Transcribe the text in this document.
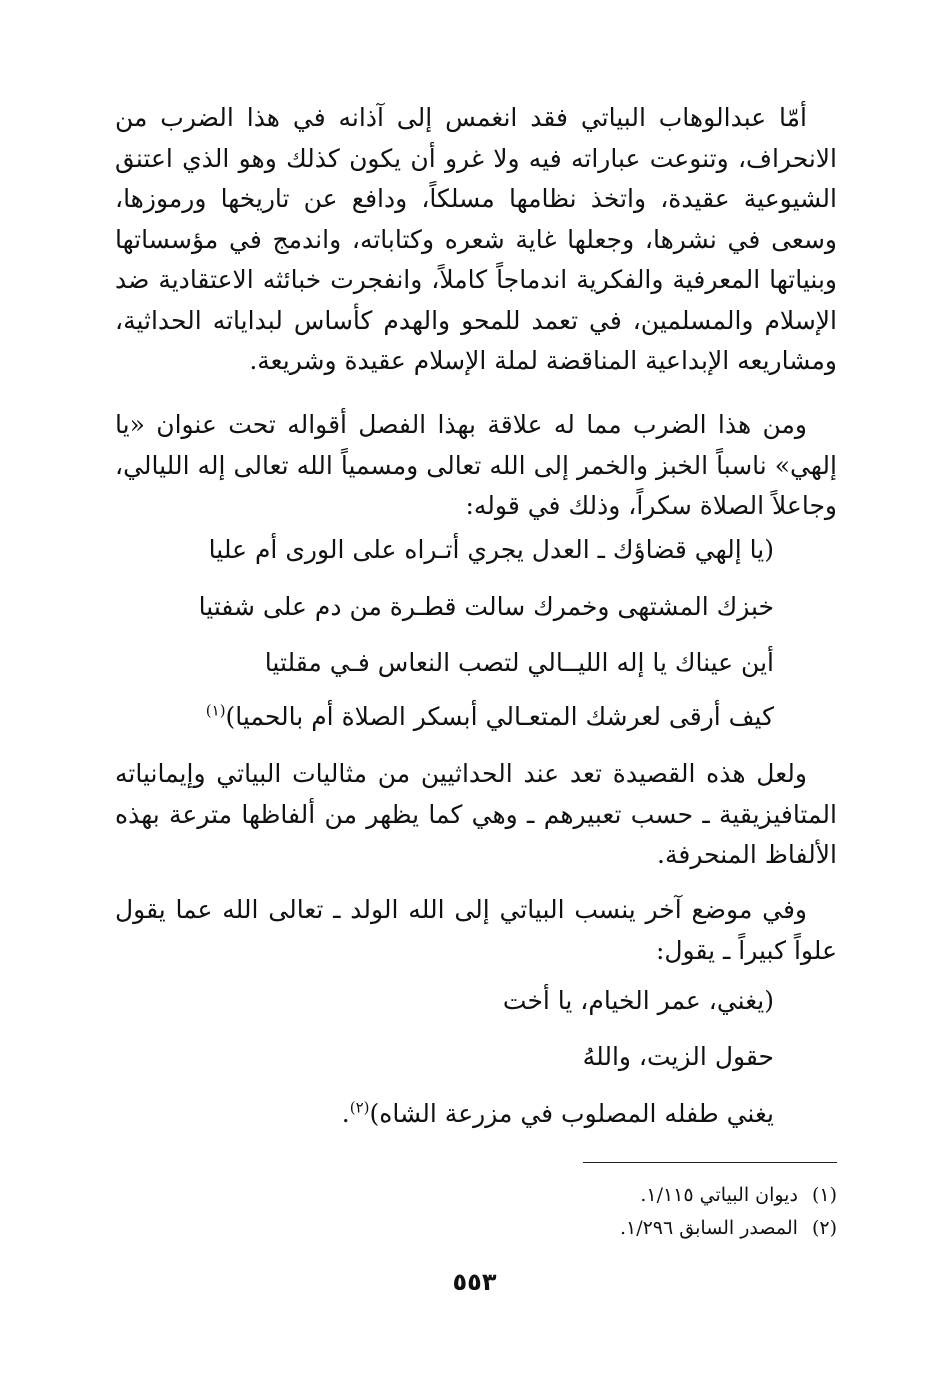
أمّا عبدالوهاب البياتي فقد انغمس إلى آذانه في هذا الضرب من الانحراف، وتنوعت عباراته فيه ولا غرو أن يكون كذلك وهو الذي اعتنق الشيوعية عقيدة، واتخذ نظامها مسلكاً، ودافع عن تاريخها ورموزها، وسعى في نشرها، وجعلها غاية شعره وكتاباته، واندمج في مؤسساتها وبنياتها المعرفية والفكرية اندماجاً كاملاً، وانفجرت خبائثه الاعتقادية ضد الإسلام والمسلمين، في تعمد للمحو والهدم كأساس لبداياته الحداثية، ومشاريعه الإبداعية المناقضة لملة الإسلام عقيدة وشريعة.

ومن هذا الضرب مما له علاقة بهذا الفصل أقواله تحت عنوان «يا إلهي» ناسباً الخبز والخمر إلى الله تعالى ومسمياً الله تعالى إله الليالي، وجاعلاً الصلاة سكراً، وذلك في قوله:

(يا إلهي قضاؤك ـ العدل يجري أتـراه على الورى أم عليا

خبزك المشتهى وخمرك سالت قطـرة من دم على شفتيا

أين عيناك يا إله الليــالي لتصب النعاس فـي مقلتيا

كيف أرقى لعرشك المتعـالي أبسكر الصلاة أم بالحميا)$^{(١)}$

ولعل هذه القصيدة تعد عند الحداثيين من مثاليات البياتي وإيمانياته المتافيزيقية ـ حسب تعبيرهم ـ وهي كما يظهر من ألفاظها مترعة بهذه الألفاظ المنحرفة.

وفي موضع آخر ينسب البياتي إلى الله الولد ـ تعالى الله عما يقول علواً كبيراً ـ يقول:

(يغني، عمر الخيام، يا أخت

حقول الزيت، واللهُ

يغني طفله المصلوب في مزرعة الشاه)$^{(٢)}$.

(١)ديوان البياتي ١/١١٥.
(٢)المصدر السابق ١/٢٩٦.
٥٥٣
